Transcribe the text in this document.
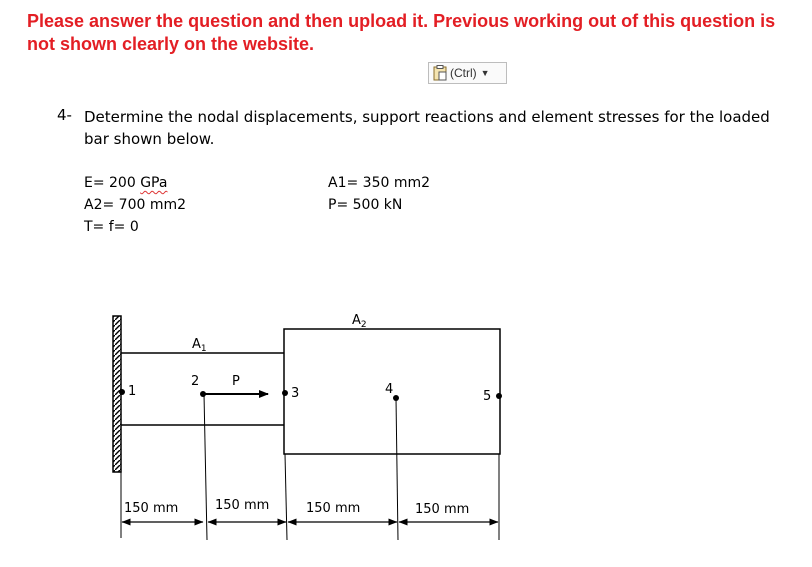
Please answer the question and then upload it. Previous working out of this question is not shown clearly on the website.
(Ctrl) ▼
4- Determine the nodal displacements, support reactions and element stresses for the loaded bar shown below.
E= 200 GPa
A2= 700 mm2
T= f= 0
A1= 350 mm2
P= 500 kN
$A_1$
$A_2$
1
2
3	4	5
P
150 mm	150 mm	150 mm	150 mm
